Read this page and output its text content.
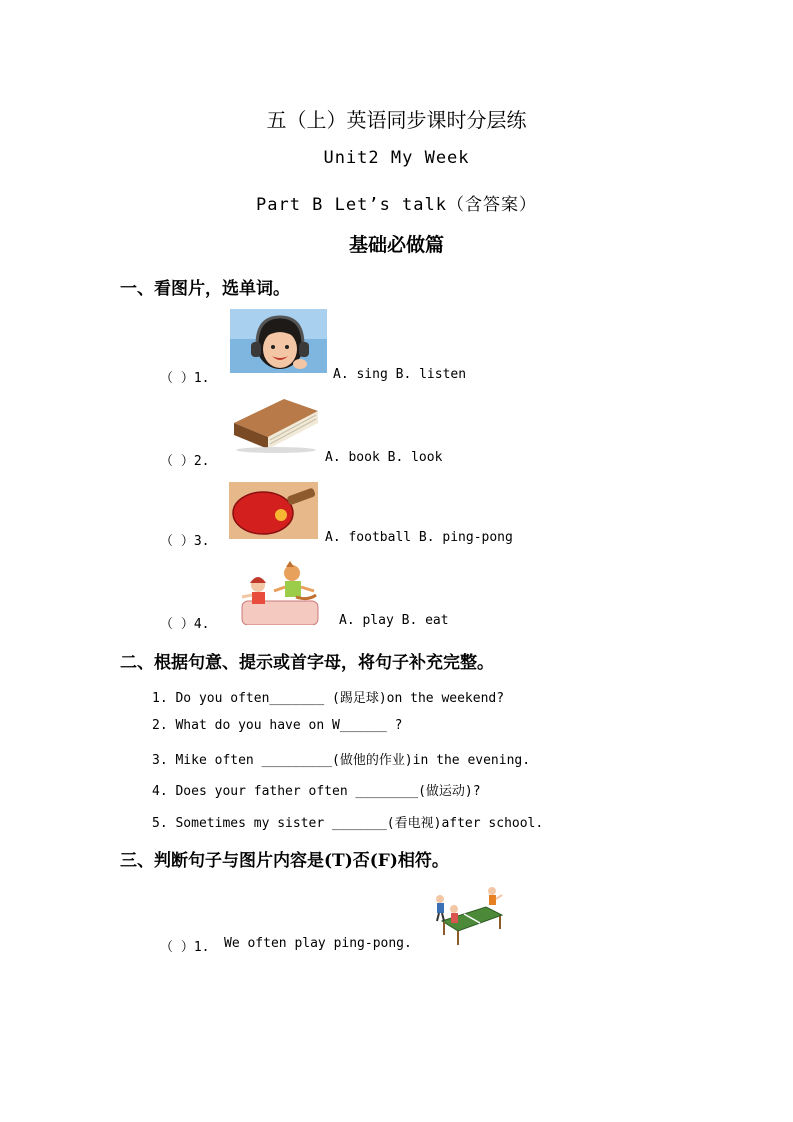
五（上）英语同步课时分层练
Unit2 My Week
Part B Let’s talk（含答案）
基础必做篇
一、看图片，选单词。
（ ）1.	A. sing B. listen
（ ）2.	A. book B. look
（ ）3.	A. football B. ping-pong
（ ）4.	A. play B. eat
二、根据句意、提示或首字母，将句子补充完整。
1. Do you often_______ (踢足球)on the weekend?
2. What do you have on W______ ?
3. Mike often _________(做他的作业)in the evening.
4. Does your father often ________(做运动)?
5. Sometimes my sister _______(看电视)after school.
三、判断句子与图片内容是(T)否(F)相符。
（ ）1. We often play ping-pong.
